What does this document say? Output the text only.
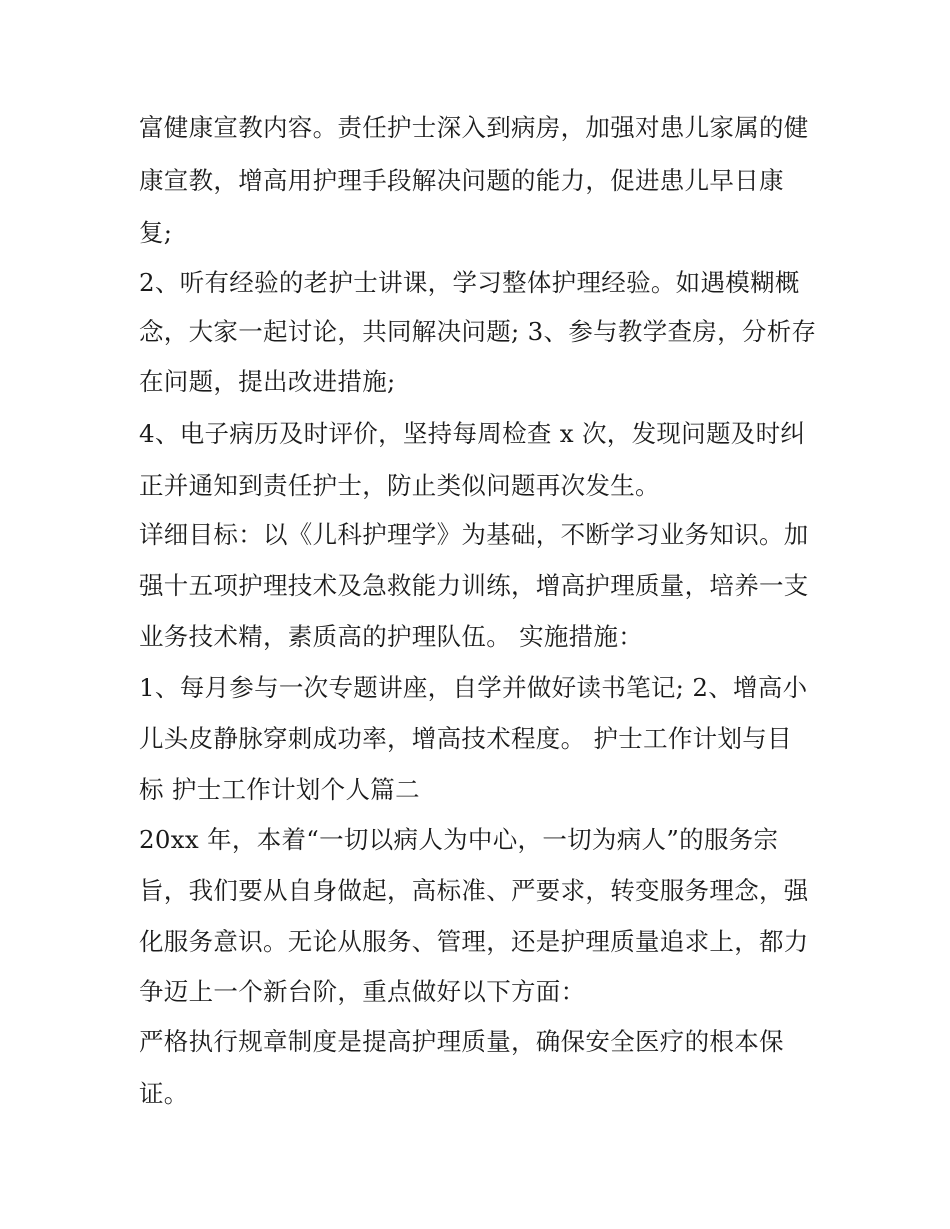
富健康宣教内容。责任护士深入到病房，加强对患儿家属的健
康宣教，增高用护理手段解决问题的能力，促进患儿早日康
复;
2、听有经验的老护士讲课，学习整体护理经验。如遇模糊概
念，大家一起讨论，共同解决问题; 3、参与教学查房，分析存
在问题，提出改进措施;
4、电子病历及时评价，坚持每周检查 x 次，发现问题及时纠
正并通知到责任护士，防止类似问题再次发生。
详细目标：以《儿科护理学》为基础，不断学习业务知识。加
强十五项护理技术及急救能力训练，增高护理质量，培养一支
业务技术精，素质高的护理队伍。 实施措施：
1、每月参与一次专题讲座，自学并做好读书笔记; 2、增高小
儿头皮静脉穿刺成功率，增高技术程度。 护士工作计划与目
标 护士工作计划个人篇二
20xx 年，本着“一切以病人为中心，一切为病人”的服务宗
旨，我们要从自身做起，高标准、严要求，转变服务理念，强
化服务意识。无论从服务、管理，还是护理质量追求上，都力
争迈上一个新台阶，重点做好以下方面：
严格执行规章制度是提高护理质量，确保安全医疗的根本保
证。
